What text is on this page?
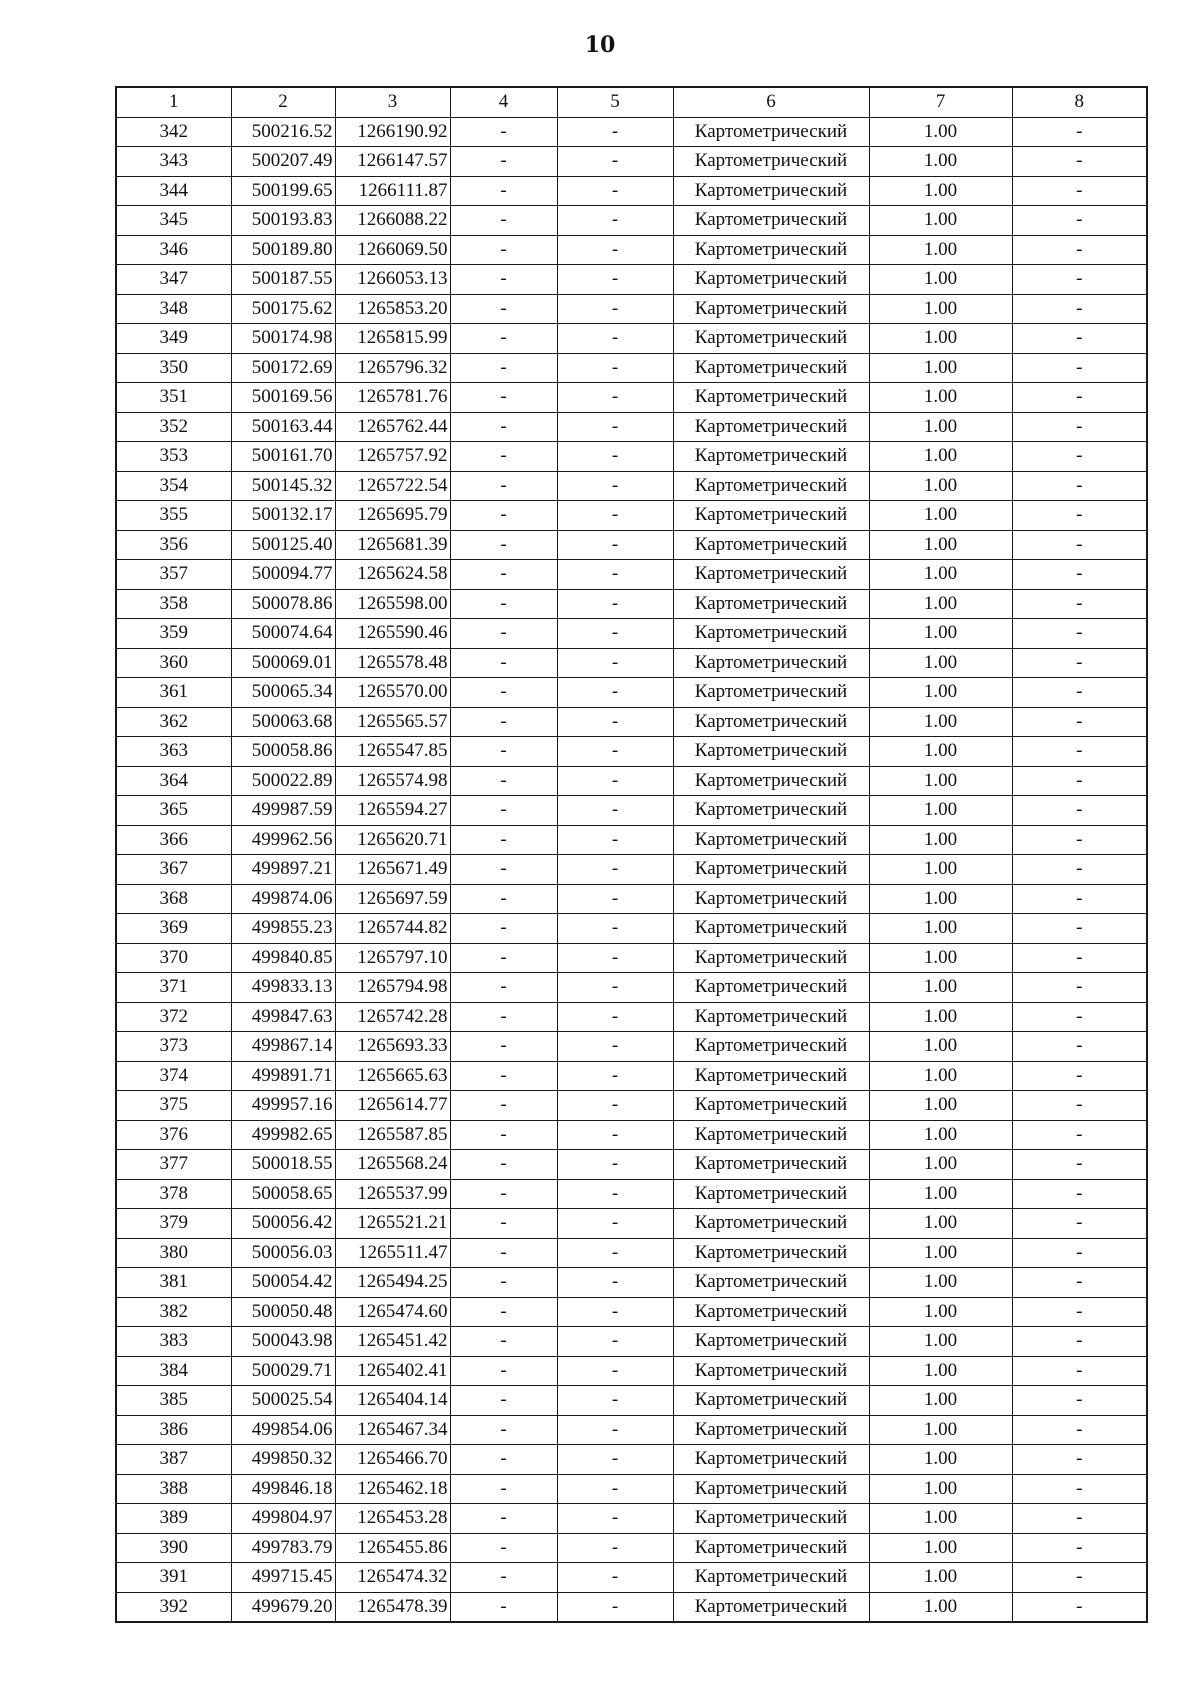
10
1	2	3	4	5	6	7	8
342	500216.52	1266190.92	-	-	Картометрический	1.00	-
343	500207.49	1266147.57	-	-	Картометрический	1.00	-
344	500199.65	1266111.87	-	-	Картометрический	1.00	-
345	500193.83	1266088.22	-	-	Картометрический	1.00	-
346	500189.80	1266069.50	-	-	Картометрический	1.00	-
347	500187.55	1266053.13	-	-	Картометрический	1.00	-
348	500175.62	1265853.20	-	-	Картометрический	1.00	-
349	500174.98	1265815.99	-	-	Картометрический	1.00	-
350	500172.69	1265796.32	-	-	Картометрический	1.00	-
351	500169.56	1265781.76	-	-	Картометрический	1.00	-
352	500163.44	1265762.44	-	-	Картометрический	1.00	-
353	500161.70	1265757.92	-	-	Картометрический	1.00	-
354	500145.32	1265722.54	-	-	Картометрический	1.00	-
355	500132.17	1265695.79	-	-	Картометрический	1.00	-
356	500125.40	1265681.39	-	-	Картометрический	1.00	-
357	500094.77	1265624.58	-	-	Картометрический	1.00	-
358	500078.86	1265598.00	-	-	Картометрический	1.00	-
359	500074.64	1265590.46	-	-	Картометрический	1.00	-
360	500069.01	1265578.48	-	-	Картометрический	1.00	-
361	500065.34	1265570.00	-	-	Картометрический	1.00	-
362	500063.68	1265565.57	-	-	Картометрический	1.00	-
363	500058.86	1265547.85	-	-	Картометрический	1.00	-
364	500022.89	1265574.98	-	-	Картометрический	1.00	-
365	499987.59	1265594.27	-	-	Картометрический	1.00	-
366	499962.56	1265620.71	-	-	Картометрический	1.00	-
367	499897.21	1265671.49	-	-	Картометрический	1.00	-
368	499874.06	1265697.59	-	-	Картометрический	1.00	-
369	499855.23	1265744.82	-	-	Картометрический	1.00	-
370	499840.85	1265797.10	-	-	Картометрический	1.00	-
371	499833.13	1265794.98	-	-	Картометрический	1.00	-
372	499847.63	1265742.28	-	-	Картометрический	1.00	-
373	499867.14	1265693.33	-	-	Картометрический	1.00	-
374	499891.71	1265665.63	-	-	Картометрический	1.00	-
375	499957.16	1265614.77	-	-	Картометрический	1.00	-
376	499982.65	1265587.85	-	-	Картометрический	1.00	-
377	500018.55	1265568.24	-	-	Картометрический	1.00	-
378	500058.65	1265537.99	-	-	Картометрический	1.00	-
379	500056.42	1265521.21	-	-	Картометрический	1.00	-
380	500056.03	1265511.47	-	-	Картометрический	1.00	-
381	500054.42	1265494.25	-	-	Картометрический	1.00	-
382	500050.48	1265474.60	-	-	Картометрический	1.00	-
383	500043.98	1265451.42	-	-	Картометрический	1.00	-
384	500029.71	1265402.41	-	-	Картометрический	1.00	-
385	500025.54	1265404.14	-	-	Картометрический	1.00	-
386	499854.06	1265467.34	-	-	Картометрический	1.00	-
387	499850.32	1265466.70	-	-	Картометрический	1.00	-
388	499846.18	1265462.18	-	-	Картометрический	1.00	-
389	499804.97	1265453.28	-	-	Картометрический	1.00	-
390	499783.79	1265455.86	-	-	Картометрический	1.00	-
391	499715.45	1265474.32	-	-	Картометрический	1.00	-
392	499679.20	1265478.39	-	-	Картометрический	1.00	-
